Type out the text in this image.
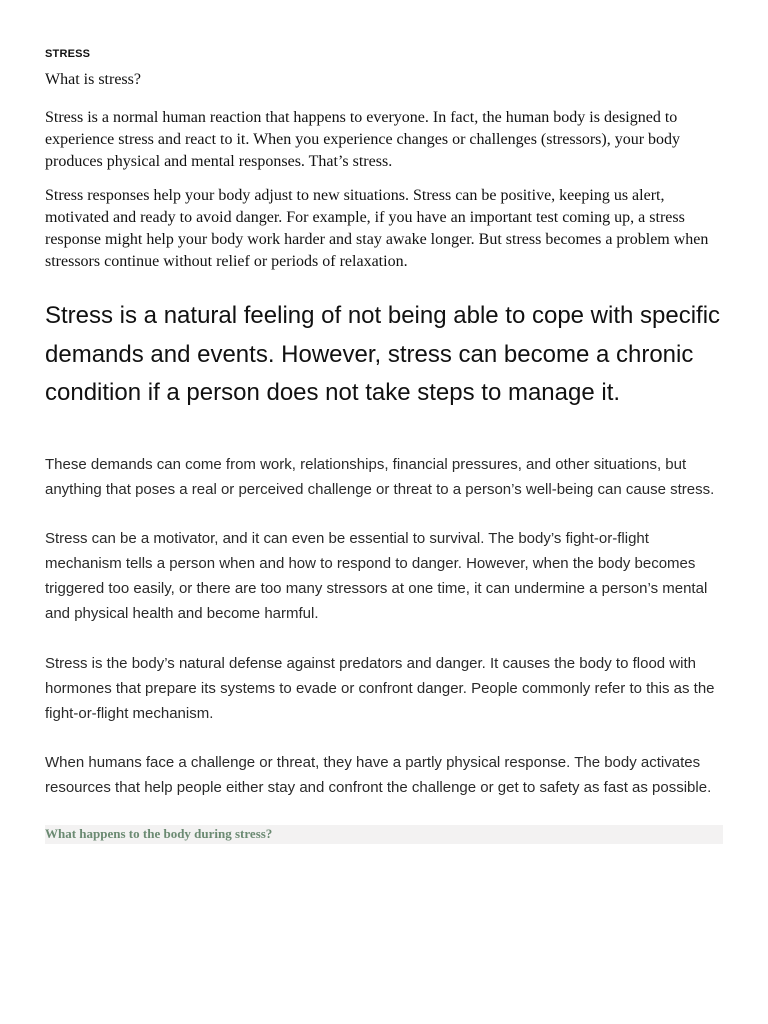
STRESS
What is stress?

Stress is a normal human reaction that happens to everyone. In fact, the human body is designed to experience stress and react to it. When you experience changes or challenges (stressors), your body produces physical and mental responses. That’s stress.

Stress responses help your body adjust to new situations. Stress can be positive, keeping us alert, motivated and ready to avoid danger. For example, if you have an important test coming up, a stress response might help your body work harder and stay awake longer. But stress becomes a problem when stressors continue without relief or periods of relaxation.

Stress is a natural feeling of not being able to cope with specific demands and events. However, stress can become a chronic condition if a person does not take steps to manage it.

These demands can come from work, relationships, financial pressures, and other situations, but anything that poses a real or perceived challenge or threat to a person’s well-being can cause stress.

Stress can be a motivator, and it can even be essential to survival. The body’s fight-or-flight mechanism tells a person when and how to respond to danger. However, when the body becomes triggered too easily, or there are too many stressors at one time, it can undermine a person’s mental and physical health and become harmful.

Stress is the body’s natural defense against predators and danger. It causes the body to flood with hormones that prepare its systems to evade or confront danger. People commonly refer to this as the fight-or-flight mechanism.

When humans face a challenge or threat, they have a partly physical response. The body activates resources that help people either stay and confront the challenge or get to safety as fast as possible.

What happens to the body during stress?
